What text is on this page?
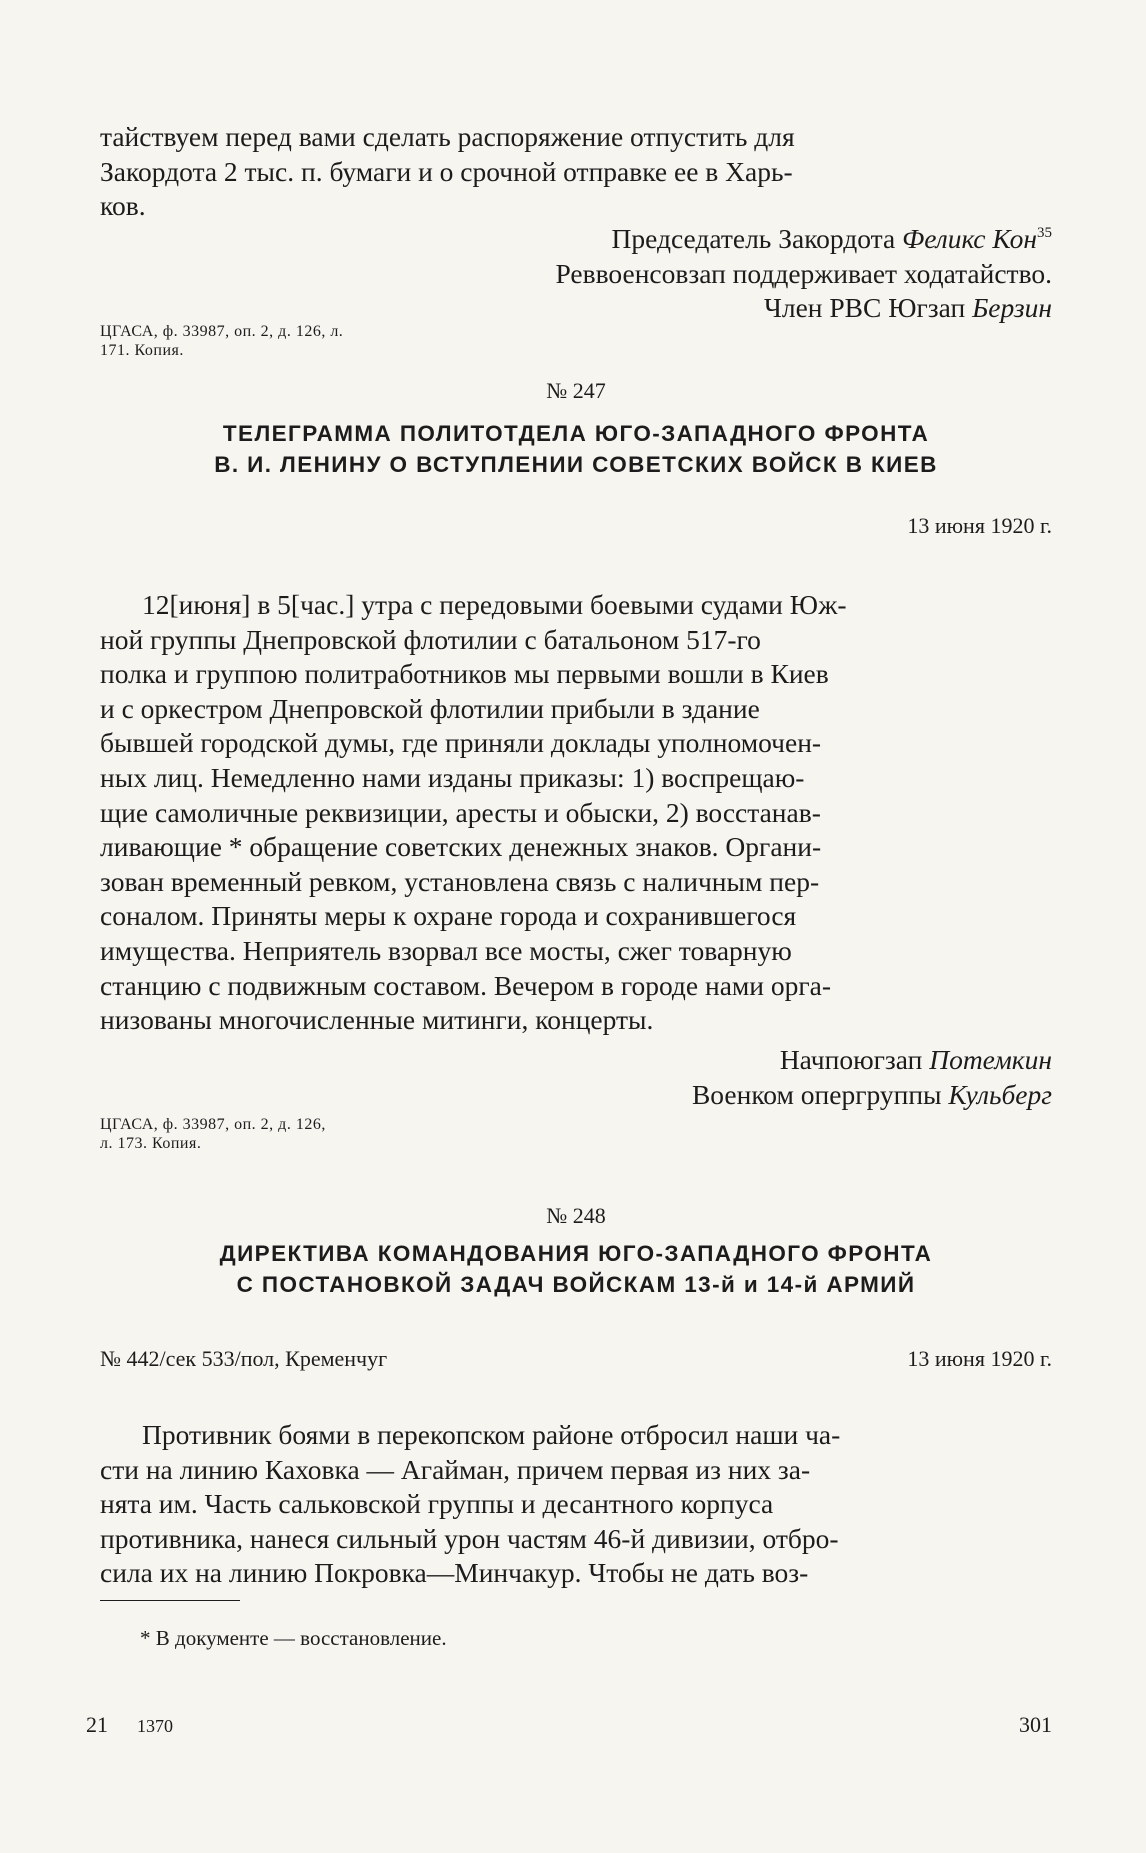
тайствуем перед вами сделать распоряжение отпустить для

Закордота 2 тыс. п. бумаги и о срочной отправке ее в Харь-

ков.

Председатель Закордота Феликс Кон$^{35}$
Реввоенсовзап поддерживает ходатайство.
Член РВС Югзап Берзин
ЦГАСА, ф. 33987, оп. 2, д. 126, л.
171. Копия.
№ 247
ТЕЛЕГРАММА ПОЛИТОТДЕЛА ЮГО-ЗАПАДНОГО ФРОНТА
В. И. ЛЕНИНУ О ВСТУПЛЕНИИ СОВЕТСКИХ ВОЙСК В КИЕВ
13 июня 1920 г.

12[июня] в 5[час.] утра с передовыми боевыми судами Юж-

ной группы Днепровской флотилии с батальоном 517-го

полка и группою политработников мы первыми вошли в Киев

и с оркестром Днепровской флотилии прибыли в здание

бывшей городской думы, где приняли доклады уполномочен-

ных лиц. Немедленно нами изданы приказы: 1) воспрещаю-

щие самоличные реквизиции, аресты и обыски, 2) восстанав-

ливающие * обращение советских денежных знаков. Органи-

зован временный ревком, установлена связь с наличным пер-

соналом. Приняты меры к охране города и сохранившегося

имущества. Неприятель взорвал все мосты, сжег товарную

станцию с подвижным составом. Вечером в городе нами орга-

низованы многочисленные митинги, концерты.

Начпоюгзап Потемкин
Военком опергруппы Кульберг
ЦГАСА, ф. 33987, оп. 2, д. 126,
л. 173. Копия.
№ 248
ДИРЕКТИВА КОМАНДОВАНИЯ ЮГО-ЗАПАДНОГО ФРОНТА
С ПОСТАНОВКОЙ ЗАДАЧ ВОЙСКАМ 13-й и 14-й АРМИЙ
№ 442/сек 533/пол, Кременчуг	13 июня 1920 г.

Противник боями в перекопском районе отбросил наши ча-

сти на линию Каховка — Агайман, причем первая из них за-

нята им. Часть сальковской группы и десантного корпуса

противника, нанеся сильный урон частям 46-й дивизии, отбро-

сила их на линию Покровка—Минчакур. Чтобы не дать воз-

* В документе — восстановление.
21 1370	301
